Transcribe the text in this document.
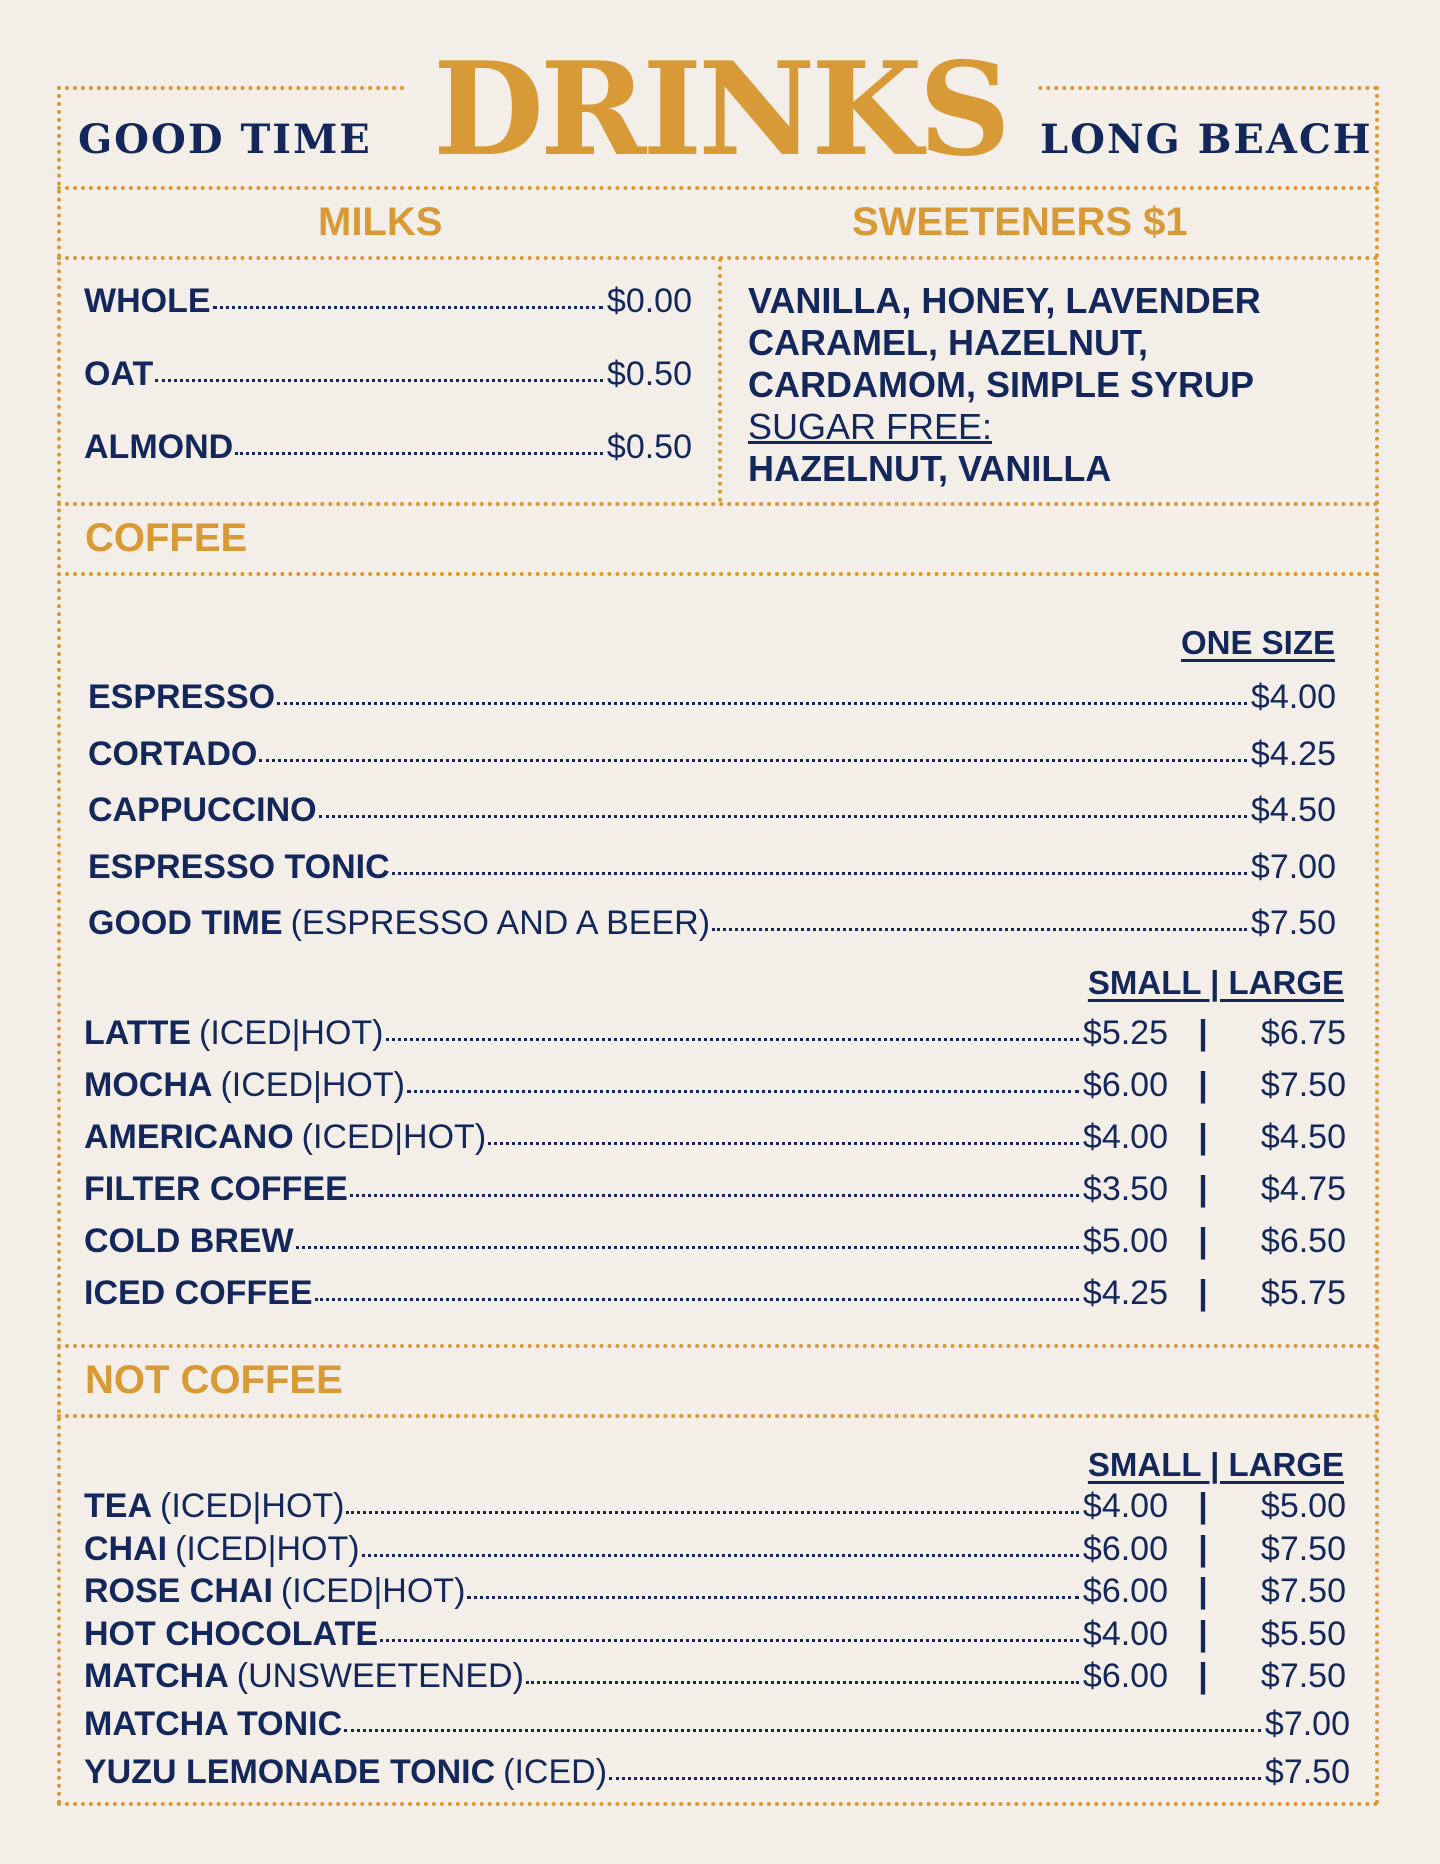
GOOD TIME DRINKS LONG BEACH
MILKS	SWEETENERS $1
WHOLE	$0.00
OAT	$0.50
ALMOND	$0.50
VANILLA, HONEY, LAVENDER
CARAMEL, HAZELNUT,
CARDAMOM, SIMPLE SYRUP
SUGAR FREE:
HAZELNUT, VANILLA
COFFEE
ONE SIZE
ESPRESSO	$4.00
CORTADO	$4.25
CAPPUCCINO	$4.50
ESPRESSO TONIC	$7.00
GOOD TIME (ESPRESSO AND A BEER)	$7.50
SMALL | LARGE
LATTE (ICED|HOT)	$5.25 |	$6.75
MOCHA (ICED|HOT)	$6.00 |	$7.50
AMERICANO (ICED|HOT)	$4.00 |	$4.50
FILTER COFFEE	$3.50 |	$4.75
COLD BREW	$5.00 |	$6.50
ICED COFFEE	$4.25 |	$5.75
NOT COFFEE
SMALL | LARGE
TEA (ICED|HOT)	$4.00 |	$5.00
CHAI (ICED|HOT)	$6.00 |	$7.50
ROSE CHAI (ICED|HOT)	$6.00 |	$7.50
HOT CHOCOLATE	$4.00 |	$5.50
MATCHA (UNSWEETENED)	$6.00 |	$7.50
MATCHA TONIC	$7.00
YUZU LEMONADE TONIC (ICED)	$7.50
